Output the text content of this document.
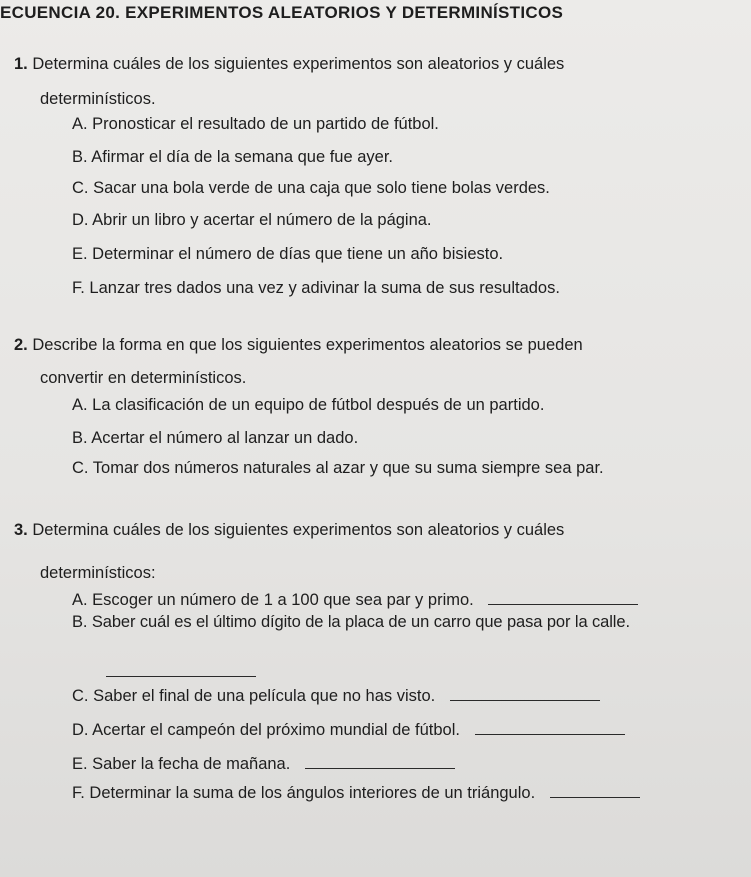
ECUENCIA 20. EXPERIMENTOS ALEATORIOS Y DETERMINÍSTICOS
1. Determina cuáles de los siguientes experimentos son aleatorios y cuáles
determinísticos.
A. Pronosticar el resultado de un partido de fútbol.
B. Afirmar el día de la semana que fue ayer.
C. Sacar una bola verde de una caja que solo tiene bolas verdes.
D. Abrir un libro y acertar el número de la página.
E. Determinar el número de días que tiene un año bisiesto.
F. Lanzar tres dados una vez y adivinar la suma de sus resultados.
2. Describe la forma en que los siguientes experimentos aleatorios se pueden
convertir en determinísticos.
A. La clasificación de un equipo de fútbol después de un partido.
B. Acertar el número al lanzar un dado.
C. Tomar dos números naturales al azar y que su suma siempre sea par.
3. Determina cuáles de los siguientes experimentos son aleatorios y cuáles
determinísticos:
A. Escoger un número de 1 a 100 que sea par y primo.
B. Saber cuál es el último dígito de la placa de un carro que pasa por la calle.
C. Saber el final de una película que no has visto.
D. Acertar el campeón del próximo mundial de fútbol.
E. Saber la fecha de mañana.
F. Determinar la suma de los ángulos interiores de un triángulo.
